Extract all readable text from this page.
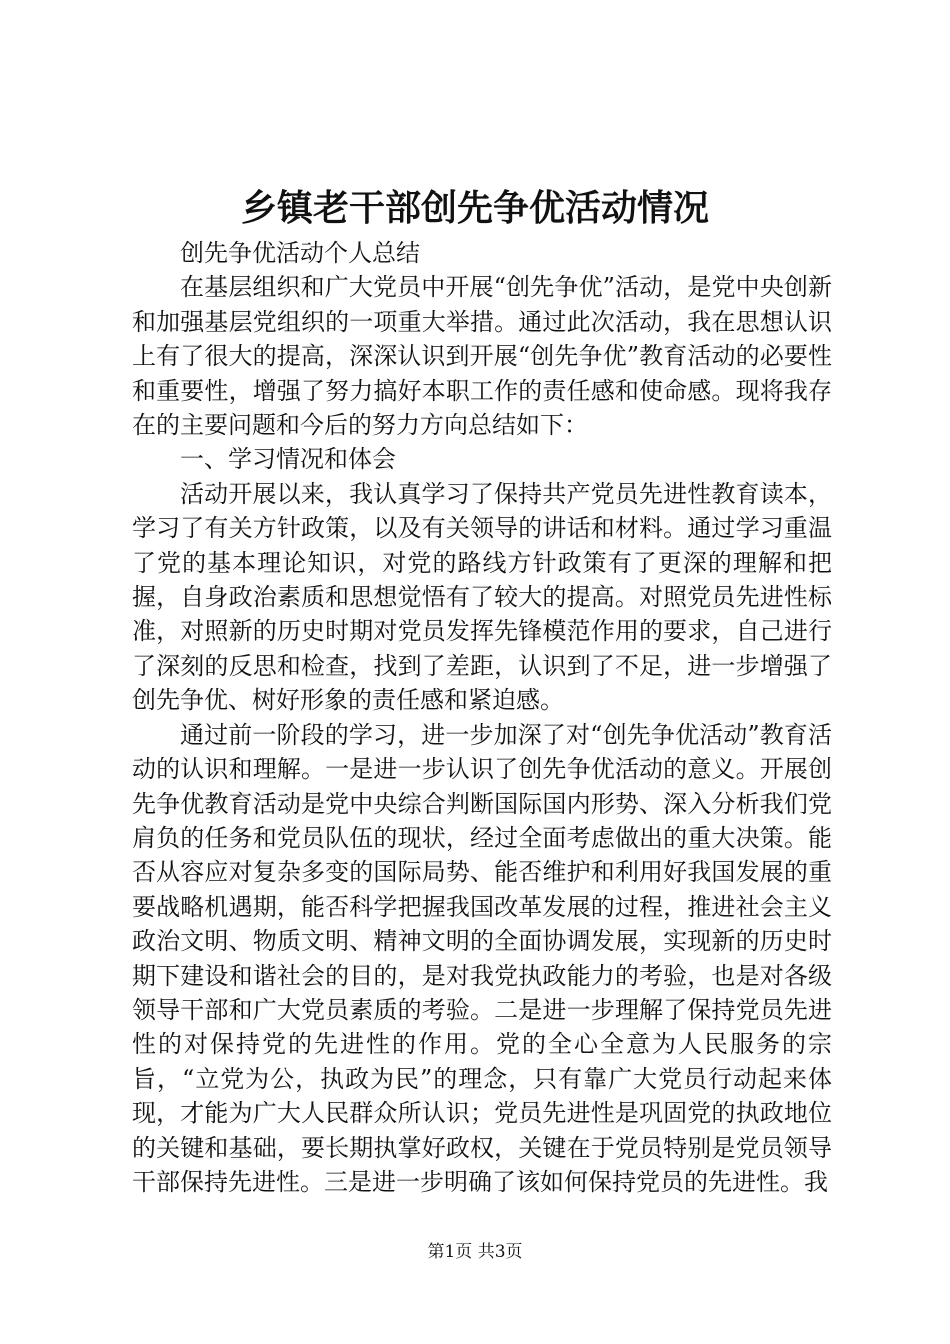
乡镇老干部创先争优活动情况

创先争优活动个人总结

在基层组织和广大党员中开展“创先争优”活动，是党中央创新和加强基层党组织的一项重大举措。通过此次活动，我在思想认识上有了很大的提高，深深认识到开展“创先争优”教育活动的必要性和重要性，增强了努力搞好本职工作的责任感和使命感。现将我存在的主要问题和今后的努力方向总结如下：

一、学习情况和体会

活动开展以来，我认真学习了保持共产党员先进性教育读本，学习了有关方针政策，以及有关领导的讲话和材料。通过学习重温了党的基本理论知识，对党的路线方针政策有了更深的理解和把握，自身政治素质和思想觉悟有了较大的提高。对照党员先进性标准，对照新的历史时期对党员发挥先锋模范作用的要求，自己进行了深刻的反思和检查，找到了差距，认识到了不足，进一步增强了创先争优、树好形象的责任感和紧迫感。

通过前一阶段的学习，进一步加深了对“创先争优活动”教育活动的认识和理解。一是进一步认识了创先争优活动的意义。开展创先争优教育活动是党中央综合判断国际国内形势、深入分析我们党肩负的任务和党员队伍的现状，经过全面考虑做出的重大决策。能否从容应对复杂多变的国际局势、能否维护和利用好我国发展的重要战略机遇期，能否科学把握我国改革发展的过程，推进社会主义政治文明、物质文明、精神文明的全面协调发展，实现新的历史时期下建设和谐社会的目的，是对我党执政能力的考验，也是对各级领导干部和广大党员素质的考验。二是进一步理解了保持党员先进性的对保持党的先进性的作用。党的全心全意为人民服务的宗旨，“立党为公，执政为民”的理念，只有靠广大党员行动起来体现，才能为广大人民群众所认识；党员先进性是巩固党的执政地位的关键和基础，要长期执掌好政权，关键在于党员特别是党员领导干部保持先进性。三是进一步明确了该如何保持党员的先进性。我

第1页 共3页
